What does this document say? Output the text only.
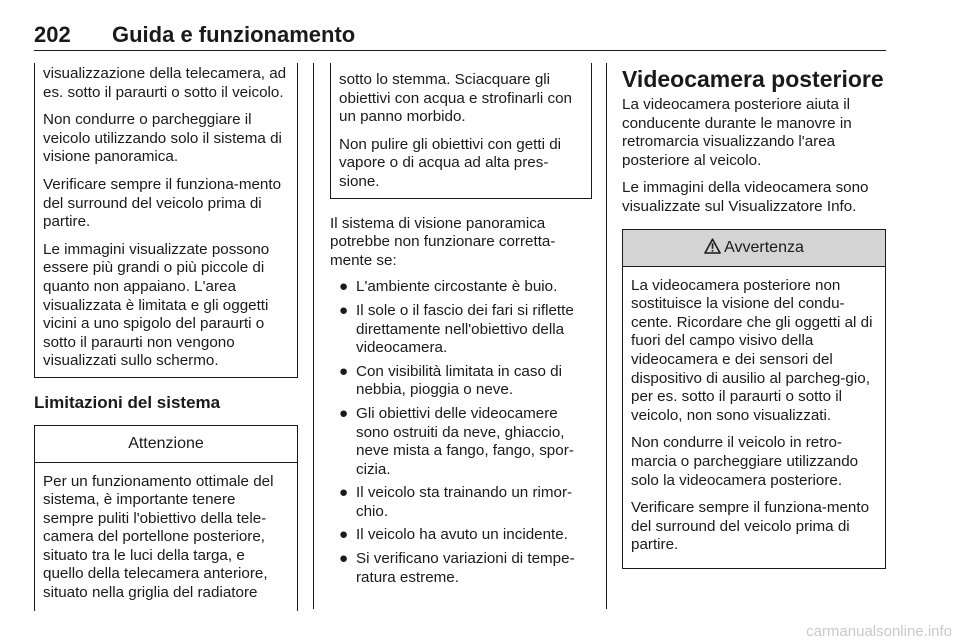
202 Guida e funzionamento

visualizzazione della telecamera, ad es. sotto il paraurti o sotto il veicolo.

Non condurre o parcheggiare il veicolo utilizzando solo il sistema di visione panoramica.

Verificare sempre il funziona-mento del surround del veicolo prima di partire.

Le immagini visualizzate possono essere più grandi o più piccole di quanto non appaiano. L'area visualizzata è limitata e gli oggetti vicini a uno spigolo del paraurti o sotto il paraurti non vengono visualizzati sullo schermo.

Limitazioni del sistema
Attenzione
Per un funzionamento ottimale del sistema, è importante tenere sempre puliti l'obiettivo della tele-camera del portellone posteriore, situato tra le luci della targa, e quello della telecamera anteriore, situato nella griglia del radiatore

sotto lo stemma. Sciacquare gli obiettivi con acqua e strofinarli con un panno morbido.

Non pulire gli obiettivi con getti di vapore o di acqua ad alta pres-sione.

Il sistema di visione panoramica potrebbe non funzionare corretta-mente se:

● L'ambiente circostante è buio.
● Il sole o il fascio dei fari si riflette direttamente nell'obiettivo della videocamera.
● Con visibilità limitata in caso di nebbia, pioggia o neve.
● Gli obiettivi delle videocamere sono ostruiti da neve, ghiaccio, neve mista a fango, fango, spor-cizia.
● Il veicolo sta trainando un rimor-chio.
● Il veicolo ha avuto un incidente.
● Si verificano variazioni di tempe-ratura estreme.
Videocamera posteriore

La videocamera posteriore aiuta il conducente durante le manovre in retromarcia visualizzando l'area posteriore al veicolo.

Le immagini della videocamera sono visualizzate sul Visualizzatore Info.

Avvertenza

La videocamera posteriore non sostituisce la visione del condu-cente. Ricordare che gli oggetti al di fuori del campo visivo della videocamera e dei sensori del dispositivo di ausilio al parcheg-gio, per es. sotto il paraurti o sotto il veicolo, non sono visualizzati.

Non condurre il veicolo in retro-marcia o parcheggiare utilizzando solo la videocamera posteriore.

Verificare sempre il funziona-mento del surround del veicolo prima di partire.

carmanualsonline.info
